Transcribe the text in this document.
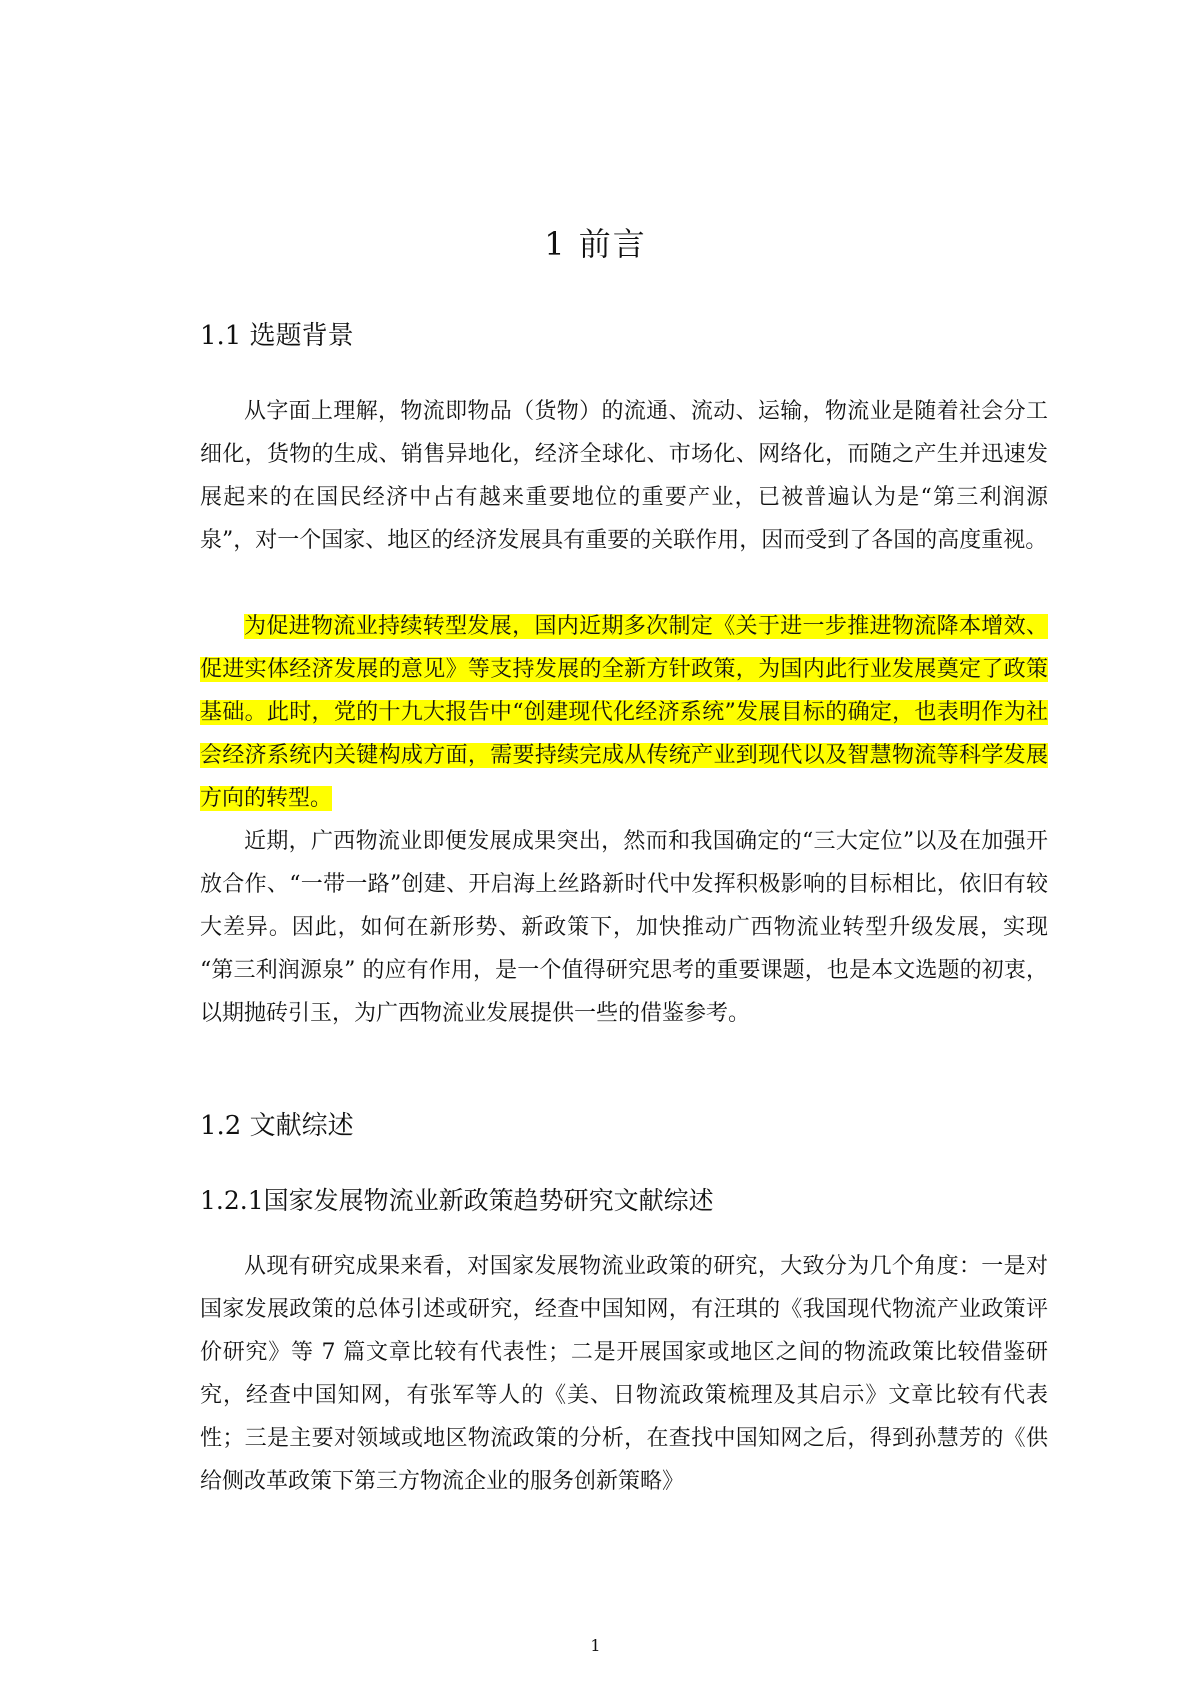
1 前言
1.1 选题背景

从字面上理解，物流即物品（货物）的流通、流动、运输，物流业是随着社会分工细化，货物的生成、销售异地化，经济全球化、市场化、网络化，而随之产生并迅速发展起来的在国民经济中占有越来重要地位的重要产业，已被普遍认为是“第三利润源泉”，对一个国家、地区的经济发展具有重要的关联作用，因而受到了各国的高度重视。

为促进物流业持续转型发展，国内近期多次制定《关于进一步推进物流降本增效、促进实体经济发展的意见》等支持发展的全新方针政策，为国内此行业发展奠定了政策基础。此时，党的十九大报告中“创建现代化经济系统”发展目标的确定，也表明作为社会经济系统内关键构成方面，需要持续完成从传统产业到现代以及智慧物流等科学发展方向的转型。

近期，广西物流业即便发展成果突出，然而和我国确定的“三大定位”以及在加强开放合作、“一带一路”创建、开启海上丝路新时代中发挥积极影响的目标相比，依旧有较大差异。因此，如何在新形势、新政策下，加快推动广西物流业转型升级发展，实现 “第三利润源泉” 的应有作用，是一个值得研究思考的重要课题，也是本文选题的初衷，以期抛砖引玉，为广西物流业发展提供一些的借鉴参考。

1.2 文献综述
1.2.1国家发展物流业新政策趋势研究文献综述

从现有研究成果来看，对国家发展物流业政策的研究，大致分为几个角度：一是对国家发展政策的总体引述或研究，经查中国知网，有汪琪的《我国现代物流产业政策评价研究》等 7 篇文章比较有代表性；二是开展国家或地区之间的物流政策比较借鉴研究，经查中国知网，有张军等人的《美、日物流政策梳理及其启示》文章比较有代表性；三是主要对领域或地区物流政策的分析，在查找中国知网之后，得到孙慧芳的《供给侧改革政策下第三方物流企业的服务创新策略》

1
